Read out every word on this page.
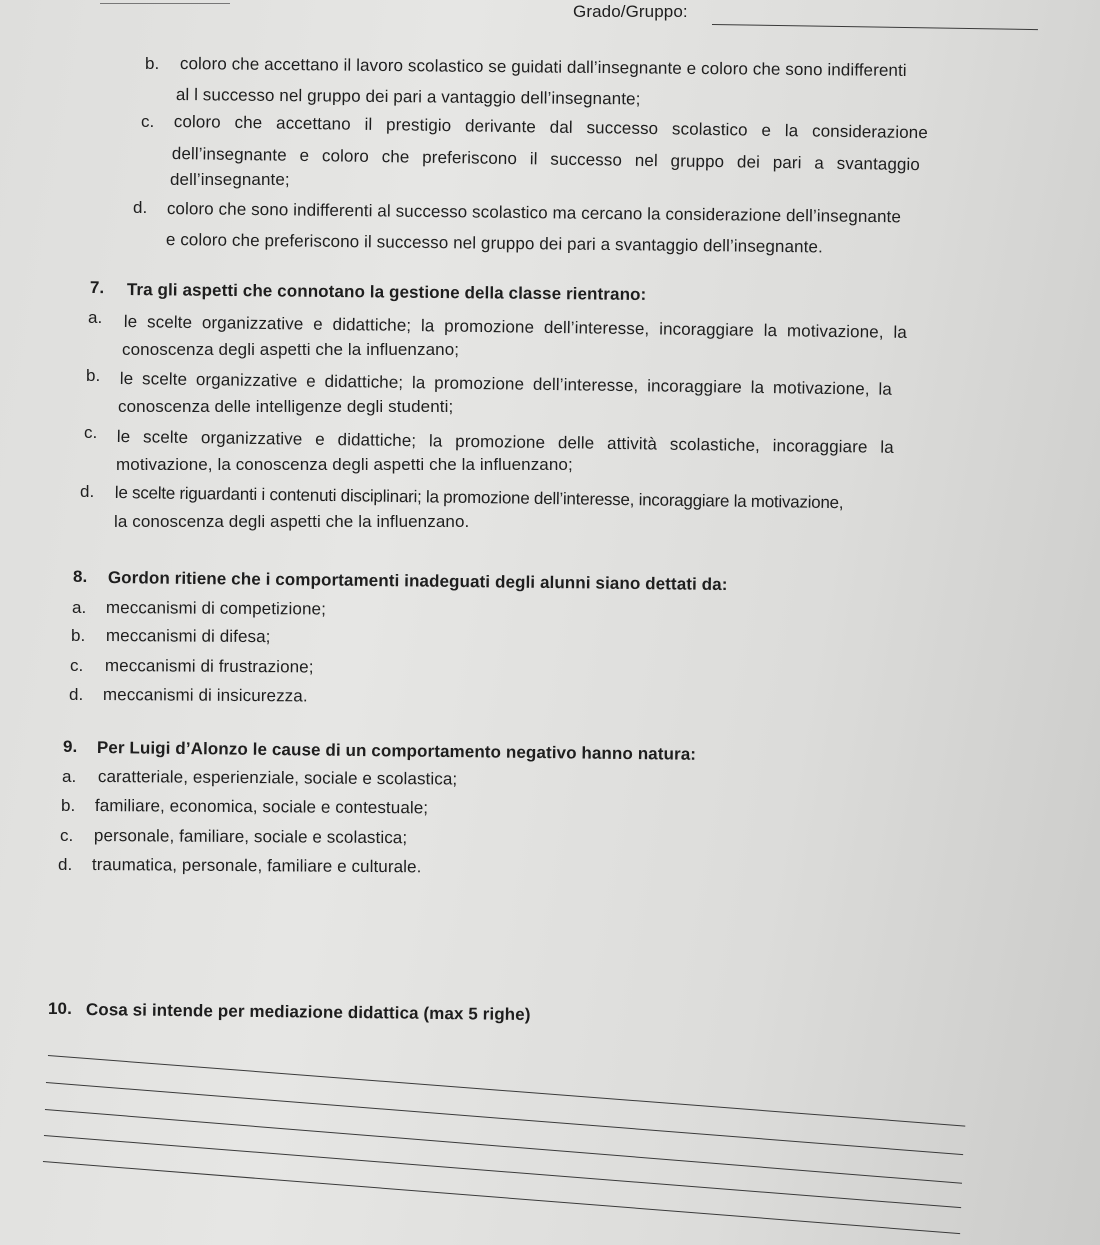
Grado/Gruppo:
b. coloro che accettano il lavoro scolastico se guidati dall’insegnante e coloro che sono indifferenti
al l successo nel gruppo dei pari a vantaggio dell’insegnante;
c. coloro che accettano il prestigio derivante dal successo scolastico e la considerazione
dell’insegnante e coloro che preferiscono il successo nel gruppo dei pari a svantaggio
dell’insegnante;
d. coloro che sono indifferenti al successo scolastico ma cercano la considerazione dell’insegnante
e coloro che preferiscono il successo nel gruppo dei pari a svantaggio dell’insegnante.
7. Tra gli aspetti che connotano la gestione della classe rientrano:
a. le scelte organizzative e didattiche; la promozione dell’interesse, incoraggiare la motivazione, la
conoscenza degli aspetti che la influenzano;
b. le scelte organizzative e didattiche; la promozione dell’interesse, incoraggiare la motivazione, la
conoscenza delle intelligenze degli studenti;
c. le scelte organizzative e didattiche; la promozione delle attività scolastiche, incoraggiare la
motivazione, la conoscenza degli aspetti che la influenzano;
d. le scelte riguardanti i contenuti disciplinari; la promozione dell’interesse, incoraggiare la motivazione,
la conoscenza degli aspetti che la influenzano.
8. Gordon ritiene che i comportamenti inadeguati degli alunni siano dettati da:
a. meccanismi di competizione;
b. meccanismi di difesa;
c. meccanismi di frustrazione;
d. meccanismi di insicurezza.
9. Per Luigi d’Alonzo le cause di un comportamento negativo hanno natura:
a. caratteriale, esperienziale, sociale e scolastica;
b. familiare, economica, sociale e contestuale;
c. personale, familiare, sociale e scolastica;
d. traumatica, personale, familiare e culturale.
10. Cosa si intende per mediazione didattica (max 5 righe)
